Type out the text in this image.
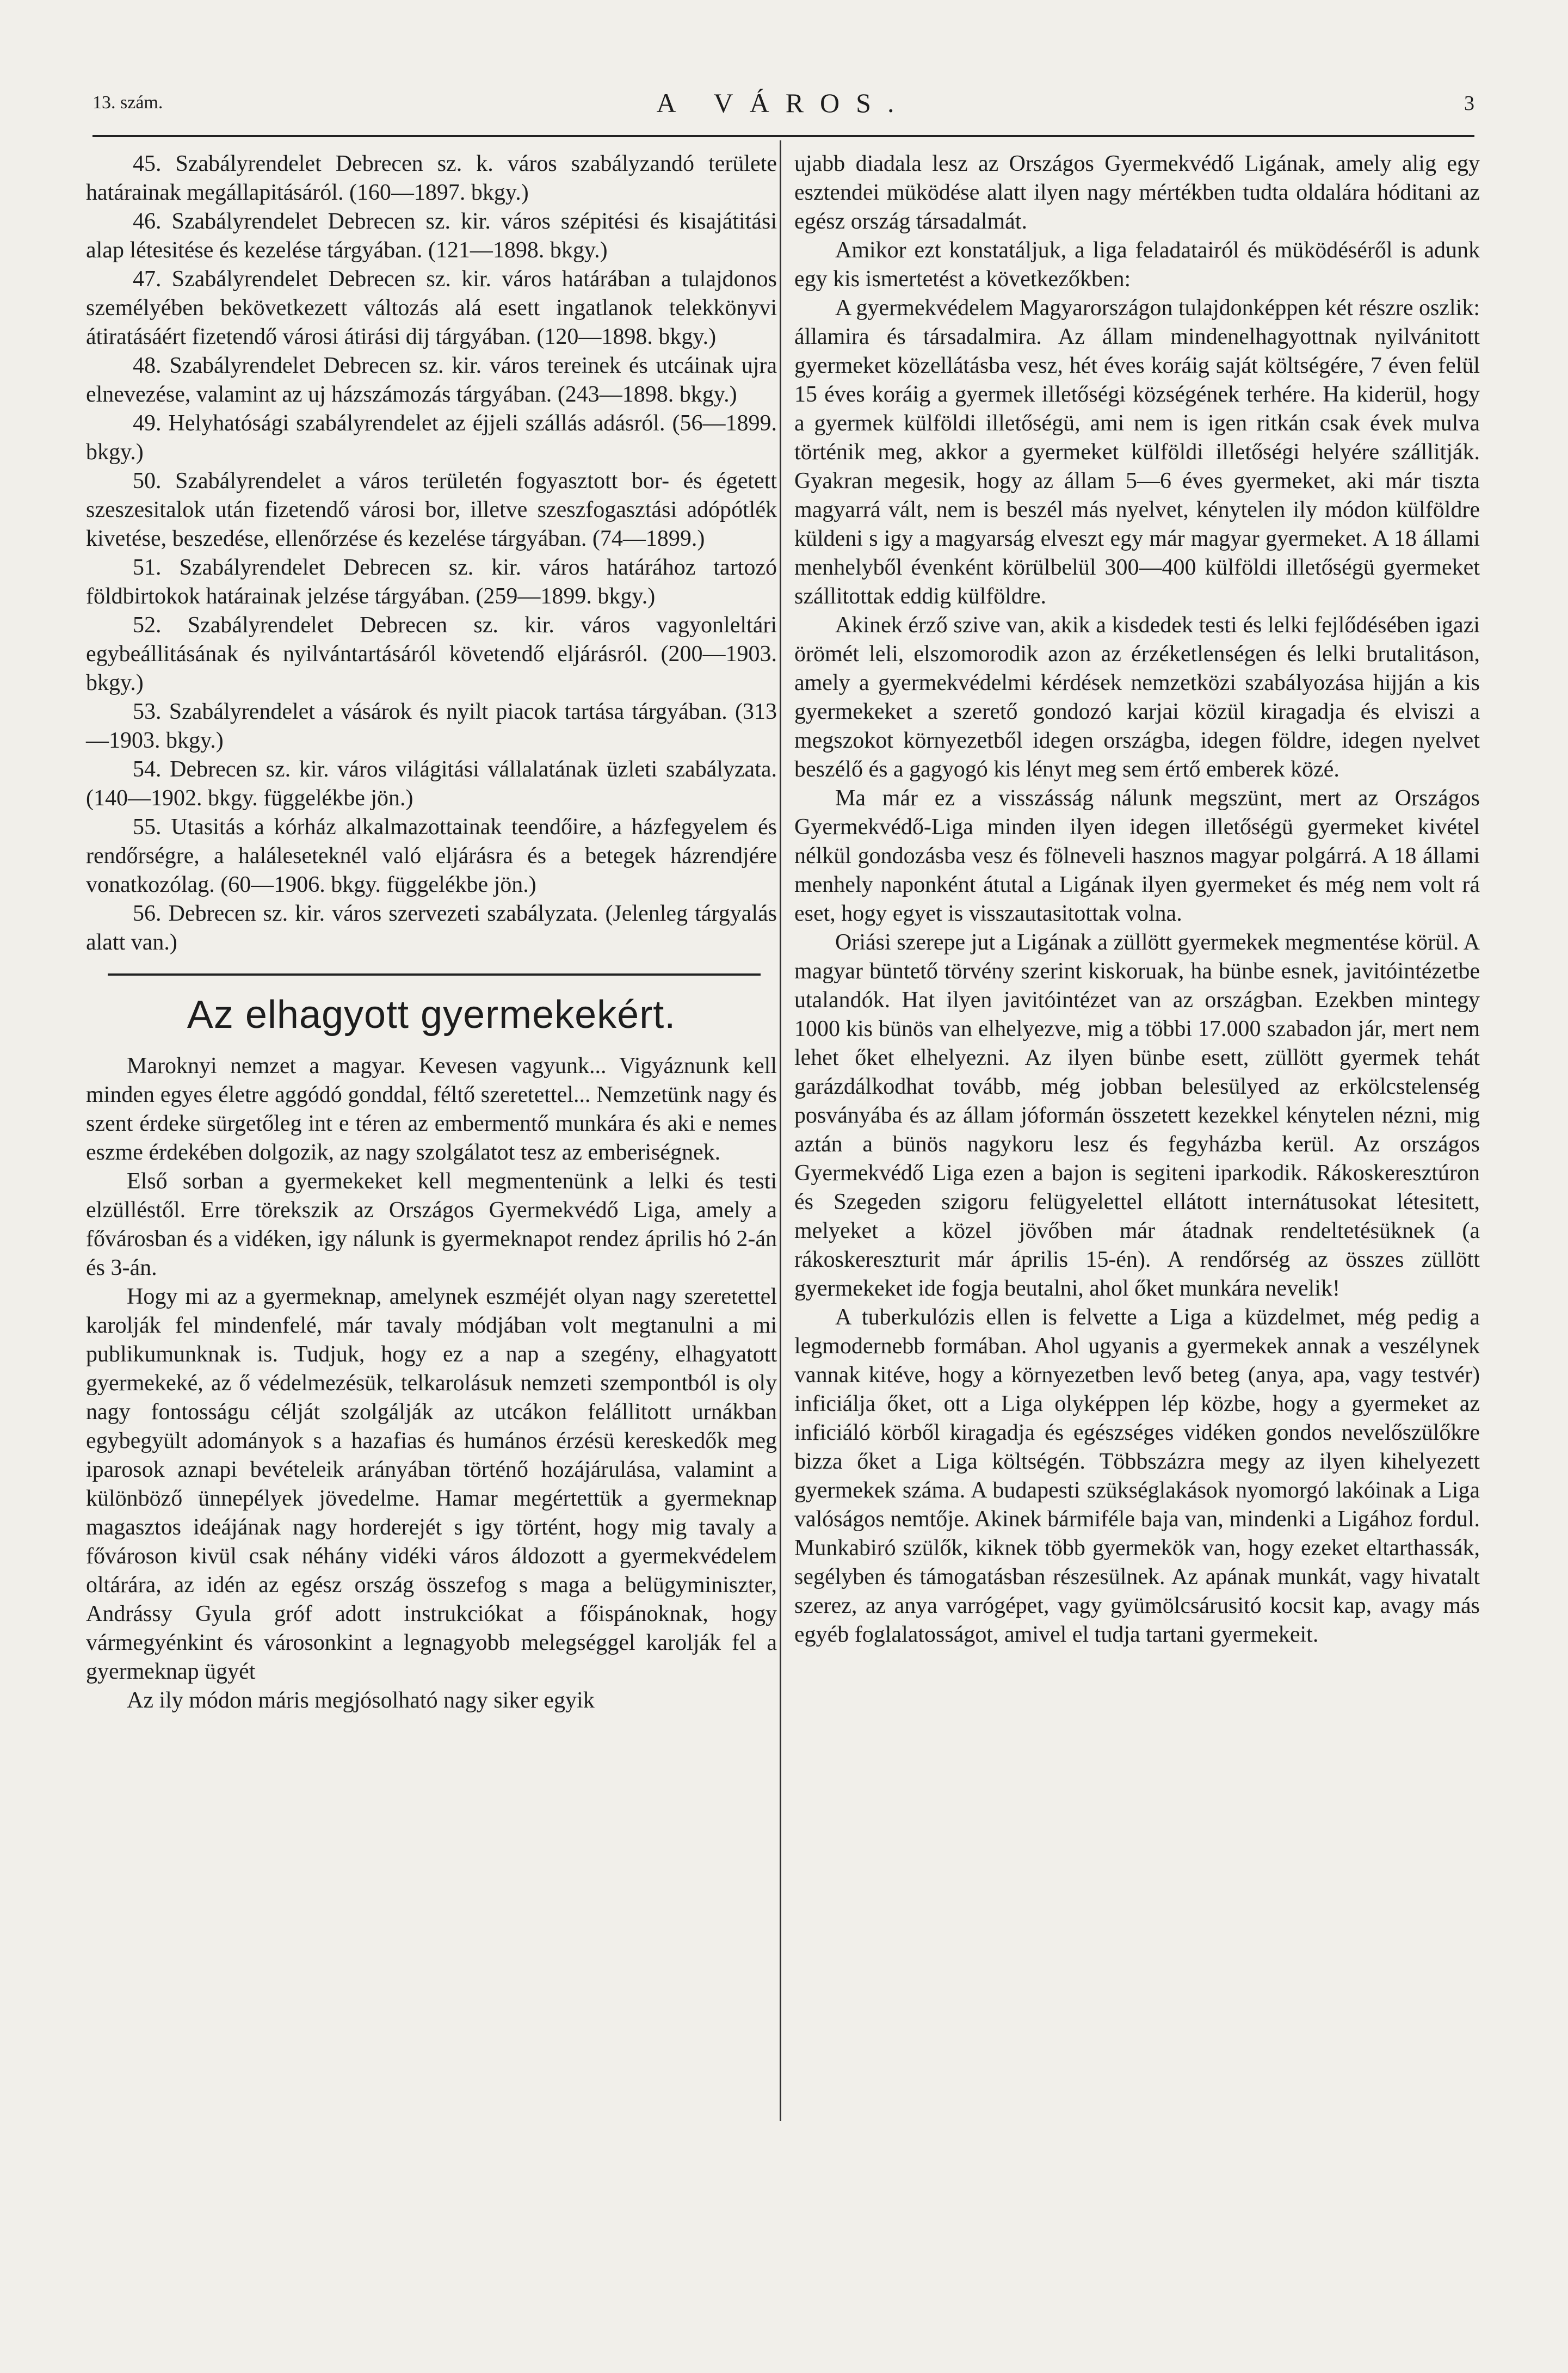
13. szám.	A VÁROS.	3

45. Szabályrendelet Debrecen sz. k. város szabályzandó területe határainak megállapitásáról. (160—1897. bkgy.)

46. Szabályrendelet Debrecen sz. kir. város szépitési és kisajátitási alap létesitése és kezelése tárgyában. (121—1898. bkgy.)

47. Szabályrendelet Debrecen sz. kir. város határában a tulajdonos személyében bekövetkezett változás alá esett ingatlanok telekkönyvi átiratásáért fizetendő városi átirási dij tárgyában. (120—1898. bkgy.)

48. Szabályrendelet Debrecen sz. kir. város tereinek és utcáinak ujra elnevezése, valamint az uj házszámozás tárgyában. (243—1898. bkgy.)

49. Helyhatósági szabályrendelet az éjjeli szállás adásról. (56—1899. bkgy.)

50. Szabályrendelet a város területén fogyasztott bor- és égetett szeszesitalok után fizetendő városi bor, illetve szeszfogasztási adópótlék kivetése, beszedése, ellenőrzése és kezelése tárgyában. (74—1899.)

51. Szabályrendelet Debrecen sz. kir. város határához tartozó földbirtokok határainak jelzése tárgyában. (259—1899. bkgy.)

52. Szabályrendelet Debrecen sz. kir. város vagyonleltári egybeállitásának és nyilvántartásáról követendő eljárásról. (200—1903. bkgy.)

53. Szabályrendelet a vásárok és nyilt piacok tartása tárgyában. (313—1903. bkgy.)

54. Debrecen sz. kir. város világitási vállalatának üzleti szabályzata. (140—1902. bkgy. függelékbe jön.)

55. Utasitás a kórház alkalmazottainak teendőire, a házfegyelem és rendőrségre, a haláleseteknél való eljárásra és a betegek házrendjére vonatkozólag. (60—1906. bkgy. függelékbe jön.)

56. Debrecen sz. kir. város szervezeti szabályzata. (Jelenleg tárgyalás alatt van.)

Az elhagyott gyermekekért.

Maroknyi nemzet a magyar. Kevesen vagyunk... Vigyáznunk kell minden egyes életre aggódó gonddal, féltő szeretettel... Nemzetünk nagy és szent érdeke sürgetőleg int e téren az embermentő munkára és aki e nemes eszme érdekében dolgozik, az nagy szolgálatot tesz az emberiségnek.

Első sorban a gyermekeket kell megmentenünk a lelki és testi elzülléstől. Erre törekszik az Országos Gyermekvédő Liga, amely a fővárosban és a vidéken, igy nálunk is gyermeknapot rendez április hó 2-án és 3-án.

Hogy mi az a gyermeknap, amelynek eszméjét olyan nagy szeretettel karolják fel mindenfelé, már tavaly módjában volt megtanulni a mi publikumunknak is. Tudjuk, hogy ez a nap a szegény, elhagyatott gyermekeké, az ő védelmezésük, telkarolásuk nemzeti szempontból is oly nagy fontosságu célját szolgálják az utcákon felállitott urnákban egybegyült adományok s a hazafias és humános érzésü kereskedők meg iparosok aznapi bevételeik arányában történő hozájárulása, valamint a különböző ünnepélyek jövedelme. Hamar megértettük a gyermeknap magasztos ideájának nagy horderejét s igy történt, hogy mig tavaly a fővároson kivül csak néhány vidéki város áldozott a gyermekvédelem oltárára, az idén az egész ország összefog s maga a belügyminiszter, Andrássy Gyula gróf adott instrukciókat a főispánoknak, hogy vármegyénkint és városonkint a legnagyobb melegséggel karolják fel a gyermeknap ügyét

Az ily módon máris megjósolható nagy siker egyik

ujabb diadala lesz az Országos Gyermekvédő Ligának, amely alig egy esztendei müködése alatt ilyen nagy mértékben tudta oldalára hóditani az egész ország társadalmát.

Amikor ezt konstatáljuk, a liga feladatairól és müködéséről is adunk egy kis ismertetést a következőkben:

A gyermekvédelem Magyarországon tulajdonképpen két részre oszlik: államira és társadalmira. Az állam mindenelhagyottnak nyilvánitott gyermeket közellátásba vesz, hét éves koráig saját költségére, 7 éven felül 15 éves koráig a gyermek illetőségi községének terhére. Ha kiderül, hogy a gyermek külföldi illetőségü, ami nem is igen ritkán csak évek mulva történik meg, akkor a gyermeket külföldi illetőségi helyére szállitják. Gyakran megesik, hogy az állam 5—6 éves gyermeket, aki már tiszta magyarrá vált, nem is beszél más nyelvet, kénytelen ily módon külföldre küldeni s igy a magyarság elveszt egy már magyar gyermeket. A 18 állami menhelyből évenként körülbelül 300—400 külföldi illetőségü gyermeket szállitottak eddig külföldre.

Akinek érző szive van, akik a kisdedek testi és lelki fejlődésében igazi örömét leli, elszomorodik azon az érzéketlenségen és lelki brutalitáson, amely a gyermekvédelmi kérdések nemzetközi szabályozása hijján a kis gyermekeket a szerető gondozó karjai közül kiragadja és elviszi a megszokot környezetből idegen országba, idegen földre, idegen nyelvet beszélő és a gagyogó kis lényt meg sem értő emberek közé.

Ma már ez a visszásság nálunk megszünt, mert az Országos Gyermekvédő-Liga minden ilyen idegen illetőségü gyermeket kivétel nélkül gondozásba vesz és fölneveli hasznos magyar polgárrá. A 18 állami menhely naponként átutal a Ligának ilyen gyermeket és még nem volt rá eset, hogy egyet is visszautasitottak volna.

Oriási szerepe jut a Ligának a züllött gyermekek megmentése körül. A magyar büntető törvény szerint kiskoruak, ha bünbe esnek, javitóintézetbe utalandók. Hat ilyen javitóintézet van az országban. Ezekben mintegy 1000 kis bünös van elhelyezve, mig a többi 17.000 szabadon jár, mert nem lehet őket elhelyezni. Az ilyen bünbe esett, züllött gyermek tehát garázdálkodhat tovább, még jobban belesülyed az erkölcstelenség posványába és az állam jóformán összetett kezekkel kénytelen nézni, mig aztán a bünös nagykoru lesz és fegyházba kerül. Az országos Gyermekvédő Liga ezen a bajon is segiteni iparkodik. Rákoskeresztúron és Szegeden szigoru felügyelettel ellátott internátusokat létesitett, melyeket a közel jövőben már átadnak rendeltetésüknek (a rákoskereszturit már április 15-én). A rendőrség az összes züllött gyermekeket ide fogja beutalni, ahol őket munkára nevelik!

A tuberkulózis ellen is felvette a Liga a küzdelmet, még pedig a legmodernebb formában. Ahol ugyanis a gyermekek annak a veszélynek vannak kitéve, hogy a környezetben levő beteg (anya, apa, vagy testvér) inficiálja őket, ott a Liga olyképpen lép közbe, hogy a gyermeket az inficiáló körből kiragadja és egészséges vidéken gondos nevelőszülőkre bizza őket a Liga költségén. Többszázra megy az ilyen kihelyezett gyermekek száma. A budapesti szükséglakások nyomorgó lakóinak a Liga valóságos nemtője. Akinek bármiféle baja van, mindenki a Ligához fordul. Munkabiró szülők, kiknek több gyermekök van, hogy ezeket eltarthassák, segélyben és támogatásban részesülnek. Az apának munkát, vagy hivatalt szerez, az anya varrógépet, vagy gyümölcsárusitó kocsit kap, avagy más egyéb foglalatosságot, amivel el tudja tartani gyermekeit.
